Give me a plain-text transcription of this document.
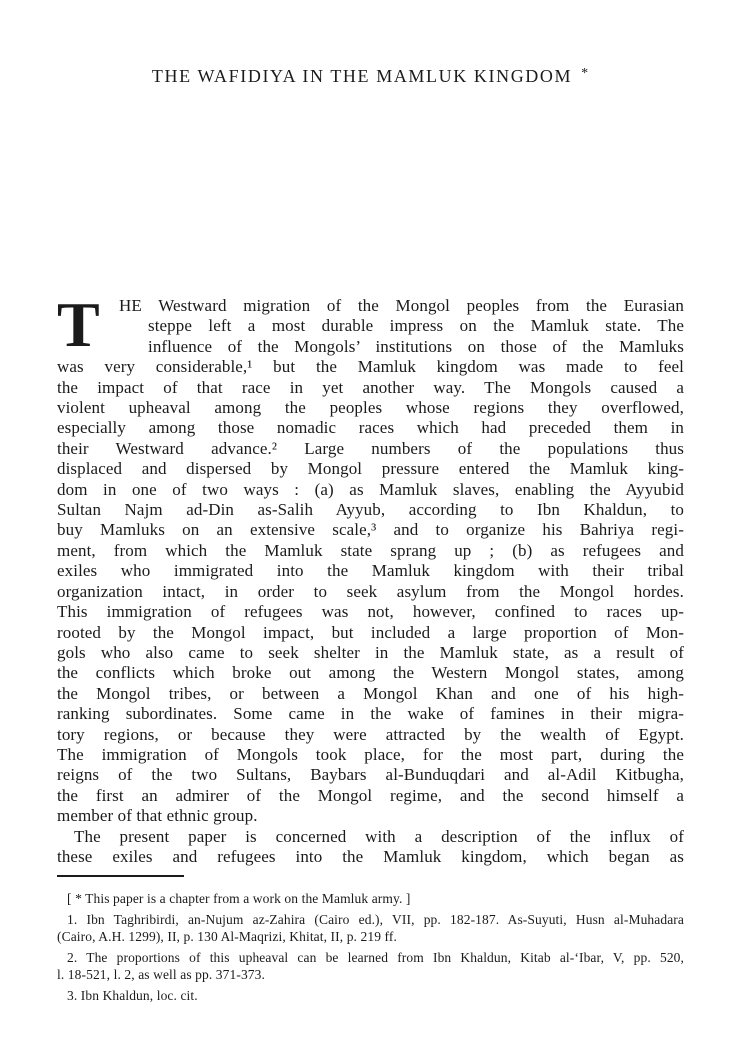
THE WAFIDIYA IN THE MAMLUK KINGDOM *
T HE Westward migration of the Mongol peoples from the Eurasian
steppe left a most durable impress on the Mamluk state. The
influence of the Mongols’ institutions on those of the Mamluks
was very considerable,¹ but the Mamluk kingdom was made to feel
the impact of that race in yet another way. The Mongols caused a
violent upheaval among the peoples whose regions they overflowed,
especially among those nomadic races which had preceded them in
their Westward advance.² Large numbers of the populations thus
displaced and dispersed by Mongol pressure entered the Mamluk king-
dom in one of two ways : (a) as Mamluk slaves, enabling the Ayyubid
Sultan Najm ad-Din as-Salih Ayyub, according to Ibn Khaldun, to
buy Mamluks on an extensive scale,³ and to organize his Bahriya regi-
ment, from which the Mamluk state sprang up ; (b) as refugees and
exiles who immigrated into the Mamluk kingdom with their tribal
organization intact, in order to seek asylum from the Mongol hordes.
This immigration of refugees was not, however, confined to races up-
rooted by the Mongol impact, but included a large proportion of Mon-
gols who also came to seek shelter in the Mamluk state, as a result of
the conflicts which broke out among the Western Mongol states, among
the Mongol tribes, or between a Mongol Khan and one of his high-
ranking subordinates. Some came in the wake of famines in their migra-
tory regions, or because they were attracted by the wealth of Egypt.
The immigration of Mongols took place, for the most part, during the
reigns of the two Sultans, Baybars al-Bunduqdari and al-Adil Kitbugha,
the first an admirer of the Mongol regime, and the second himself a
member of that ethnic group.
The present paper is concerned with a description of the influx of
these exiles and refugees into the Mamluk kingdom, which began as
[ * This paper is a chapter from a work on the Mamluk army. ]
1. Ibn Taghribirdi, an-Nujum az-Zahira (Cairo ed.), VII, pp. 182-187. As-Suyuti, Husn al-Muhadara
(Cairo, A.H. 1299), II, p. 130 Al-Maqrizi, Khitat, II, p. 219 ff.
2. The proportions of this upheaval can be learned from Ibn Khaldun, Kitab al-‘Ibar, V, pp. 520,
l. 18-521, l. 2, as well as pp. 371-373.
3. Ibn Khaldun, loc. cit.
